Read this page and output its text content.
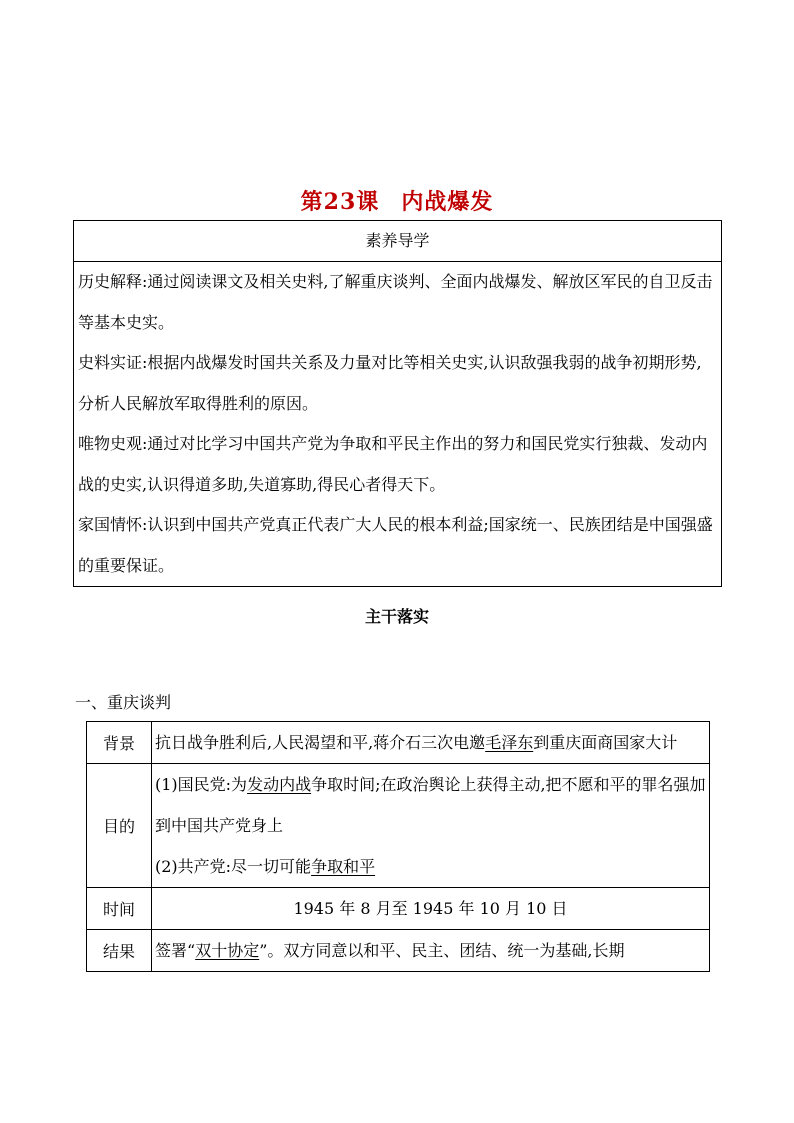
第23课 内战爆发
素养导学

历史解释:通过阅读课文及相关史料,了解重庆谈判、全面内战爆发、解放区军民的自卫反击等基本史实。

史料实证:根据内战爆发时国共关系及力量对比等相关史实,认识敌强我弱的战争初期形势,分析人民解放军取得胜利的原因。

唯物史观:通过对比学习中国共产党为争取和平民主作出的努力和国民党实行独裁、发动内战的史实,认识得道多助,失道寡助,得民心者得天下。

家国情怀:认识到中国共产党真正代表广大人民的根本利益;国家统一、民族团结是中国强盛的重要保证。

主干落实
一、重庆谈判
背景	抗日战争胜利后,人民渴望和平,蒋介石三次电邀毛泽东到重庆面商国家大计
目的	(1)国民党:为发动内战争取时间;在政治舆论上获得主动,把不愿和平的罪名强加到中国共产党身上
(2)共产党:尽一切可能争取和平

时间	1945 年 8 月至 1945 年 10 月 10 日
结果	签署“双十协定”。双方同意以和平、民主、团结、统一为基础,长期
